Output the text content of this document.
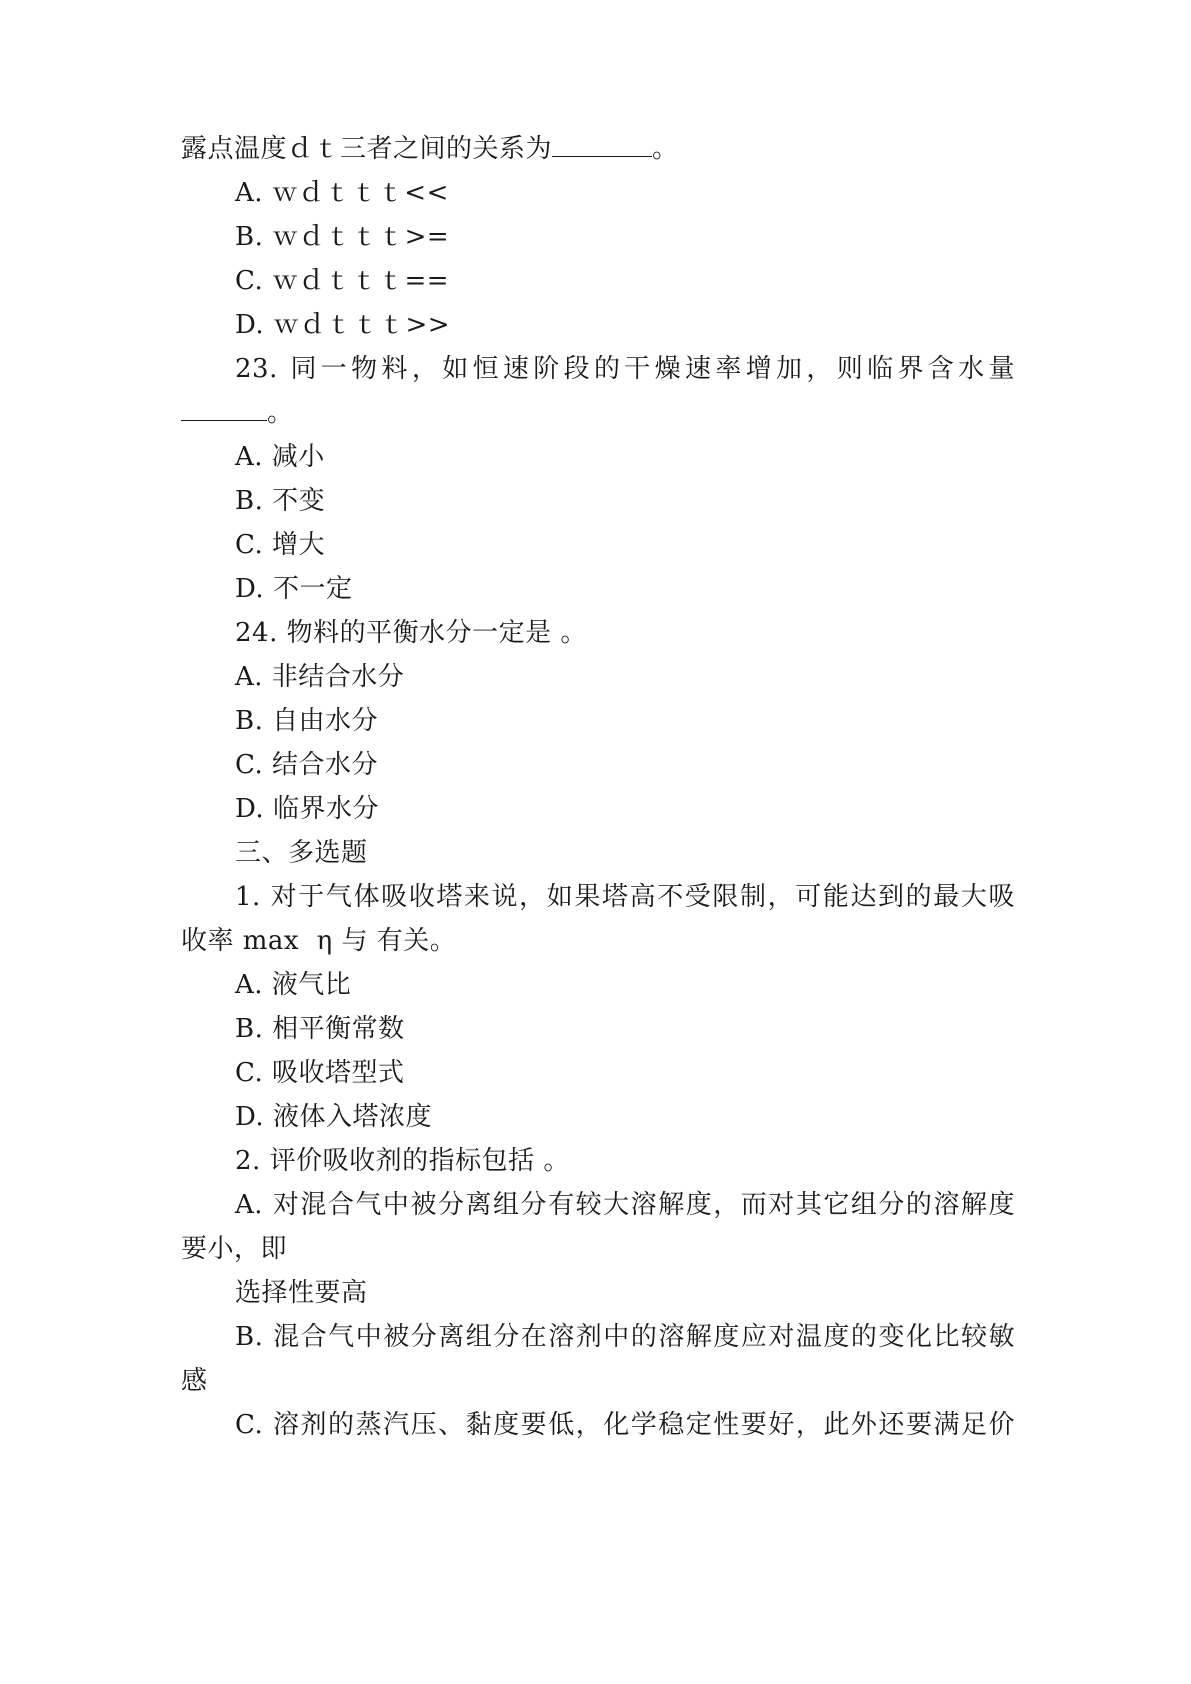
露点温度ｄｔ三者之间的关系为	。
A. ｗｄｔｔｔ<<
B. ｗｄｔｔｔ>=
C. ｗｄｔｔｔ==
D. ｗｄｔｔｔ>>
23. 同一物料，如恒速阶段的干燥速率增加，则临界含水量
。
A. 减小
B. 不变
C. 增大
D. 不一定
24. 物料的平衡水分一定是 。
A. 非结合水分
B. 自由水分
C. 结合水分
D. 临界水分
三、多选题
1. 对于气体吸收塔来说，如果塔高不受限制，可能达到的最大吸
收率 max  η 与 有关。
A. 液气比
B. 相平衡常数
C. 吸收塔型式
D. 液体入塔浓度
2. 评价吸收剂的指标包括 。
A. 对混合气中被分离组分有较大溶解度，而对其它组分的溶解度
要小，即
选择性要高
B. 混合气中被分离组分在溶剂中的溶解度应对温度的变化比较敏
感
C. 溶剂的蒸汽压、黏度要低，化学稳定性要好，此外还要满足价
